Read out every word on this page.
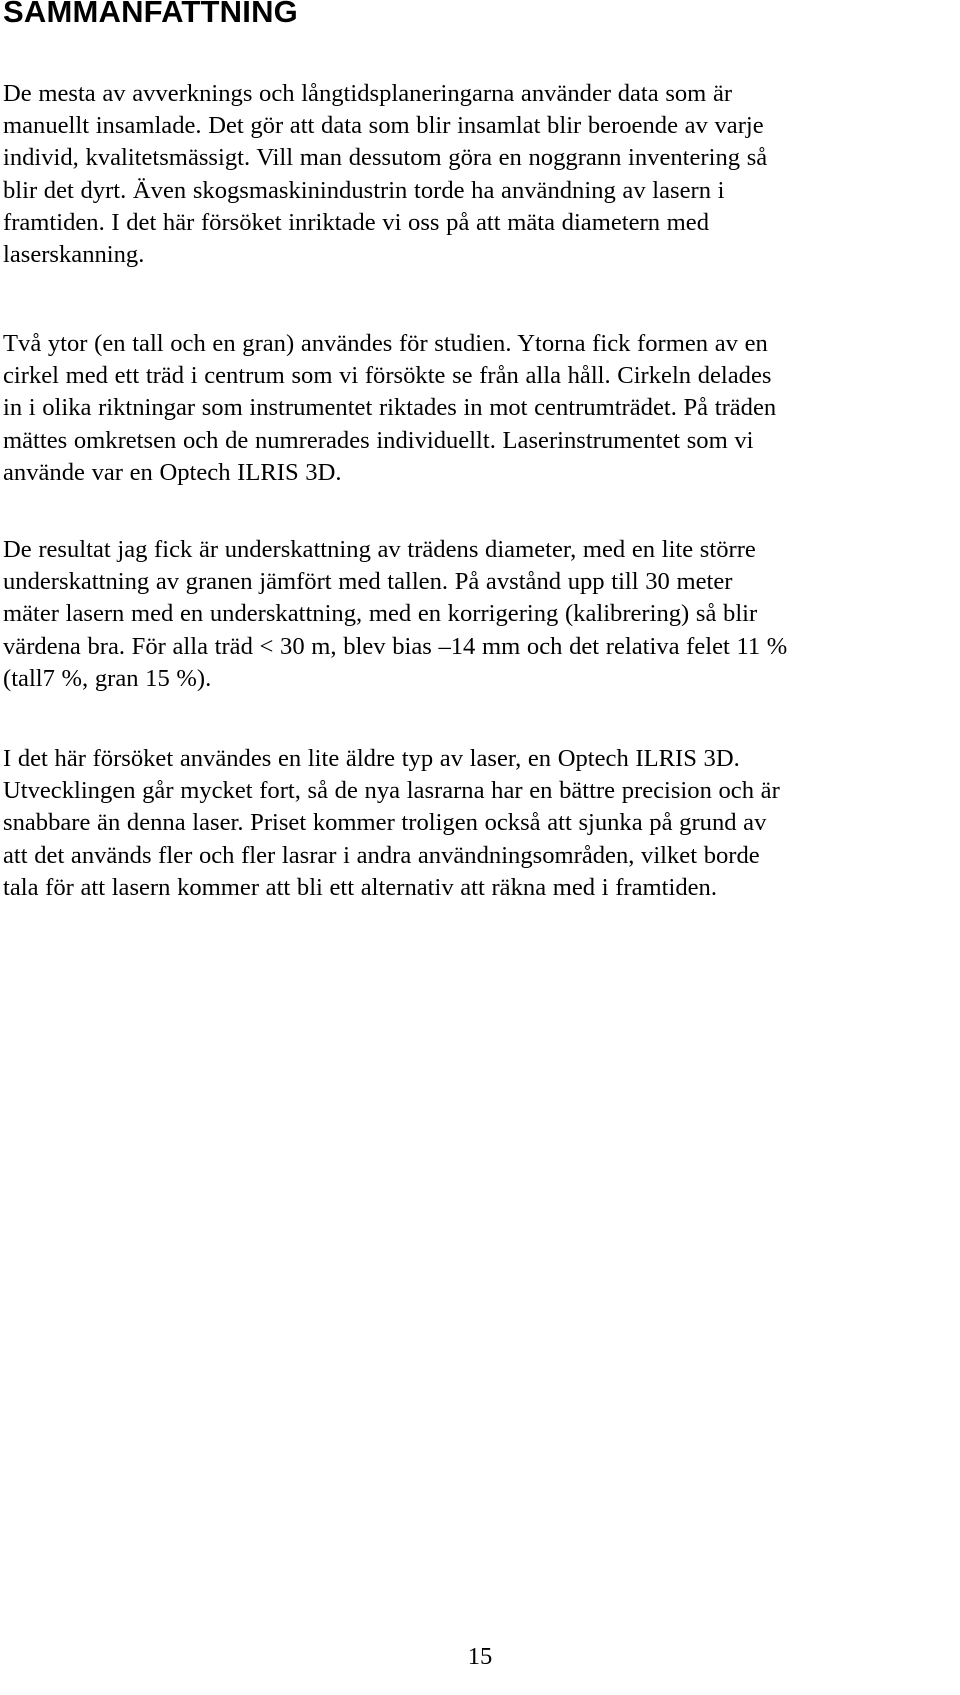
SAMMANFATTNING

De mesta av avverknings och långtidsplaneringarna använder data som är
manuellt insamlade. Det gör att data som blir insamlat blir beroende av varje
individ, kvalitetsmässigt. Vill man dessutom göra en noggrann inventering så
blir det dyrt. Även skogsmaskinindustrin torde ha användning av lasern i
framtiden. I det här försöket inriktade vi oss på att mäta diametern med
laserskanning.

Två ytor (en tall och en gran) användes för studien. Ytorna fick formen av en
cirkel med ett träd i centrum som vi försökte se från alla håll. Cirkeln delades
in i olika riktningar som instrumentet riktades in mot centrumträdet. På träden
mättes omkretsen och de numrerades individuellt. Laserinstrumentet som vi
använde var en Optech ILRIS 3D.

De resultat jag fick är underskattning av trädens diameter, med en lite större
underskattning av granen jämfört med tallen. På avstånd upp till 30 meter
mäter lasern med en underskattning, med en korrigering (kalibrering) så blir
värdena bra. För alla träd < 30 m, blev bias –14 mm och det relativa felet 11 %
(tall7 %, gran 15 %).

I det här försöket användes en lite äldre typ av laser, en Optech ILRIS 3D.
Utvecklingen går mycket fort, så de nya lasrarna har en bättre precision och är
snabbare än denna laser. Priset kommer troligen också att sjunka på grund av
att det används fler och fler lasrar i andra användningsområden, vilket borde
tala för att lasern kommer att bli ett alternativ att räkna med i framtiden.

15
